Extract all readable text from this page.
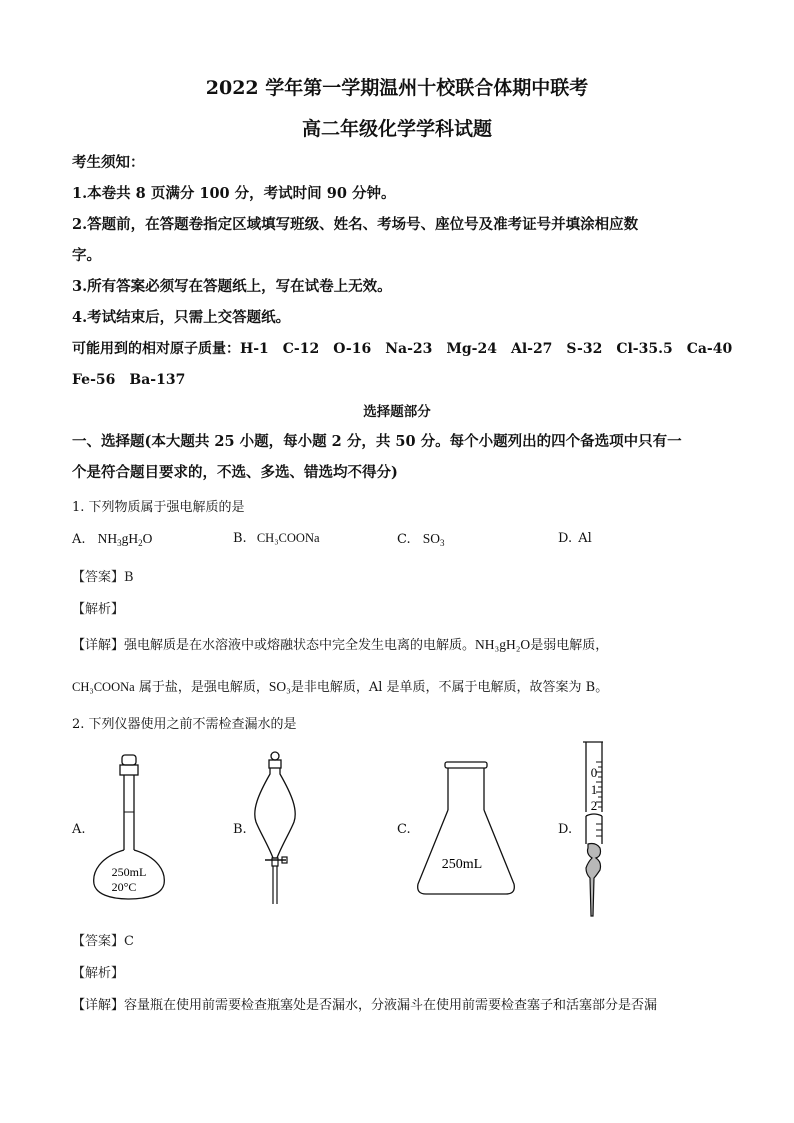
2022 学年第一学期温州十校联合体期中联考
高二年级化学学科试题
考生须知：
1.本卷共 8 页满分 100 分，考试时间 90 分钟。
2.答题前，在答题卷指定区域填写班级、姓名、考场号、座位号及准考证号并填涂相应数
字。
3.所有答案必须写在答题纸上，写在试卷上无效。
4.考试结束后，只需上交答题纸。
可能用到的相对原子质量：H-1　C-12　O-16　Na-23　Mg-24　Al-27　S-32　Cl-35.5　Ca-40
Fe-56　Ba-137
选择题部分
一、选择题(本大题共 25 小题，每小题 2 分，共 50 分。每个小题列出的四个备选项中只有一
个是符合题目要求的，不选、多选、错选均不得分)
1. 下列物质属于强电解质的是
A. $NH_3gH_2O$	B. CH₃COONa	C. $SO_3$	D. Al
【答案】B
【解析】
【详解】强电解质是在水溶液中或熔融状态中完全发生电离的电解质。NH₃gH₂O是弱电解质，
CH₃COONa 属于盐，是强电解质，SO₃是非电解质，Al 是单质，不属于电解质，故答案为 B。
2. 下列仪器使用之前不需检查漏水的是
A.
250mL
20°C
B.	C.
250mL
D.
0
1
2
【答案】C
【解析】
【详解】容量瓶在使用前需要检查瓶塞处是否漏水，分液漏斗在使用前需要检查塞子和活塞部分是否漏
